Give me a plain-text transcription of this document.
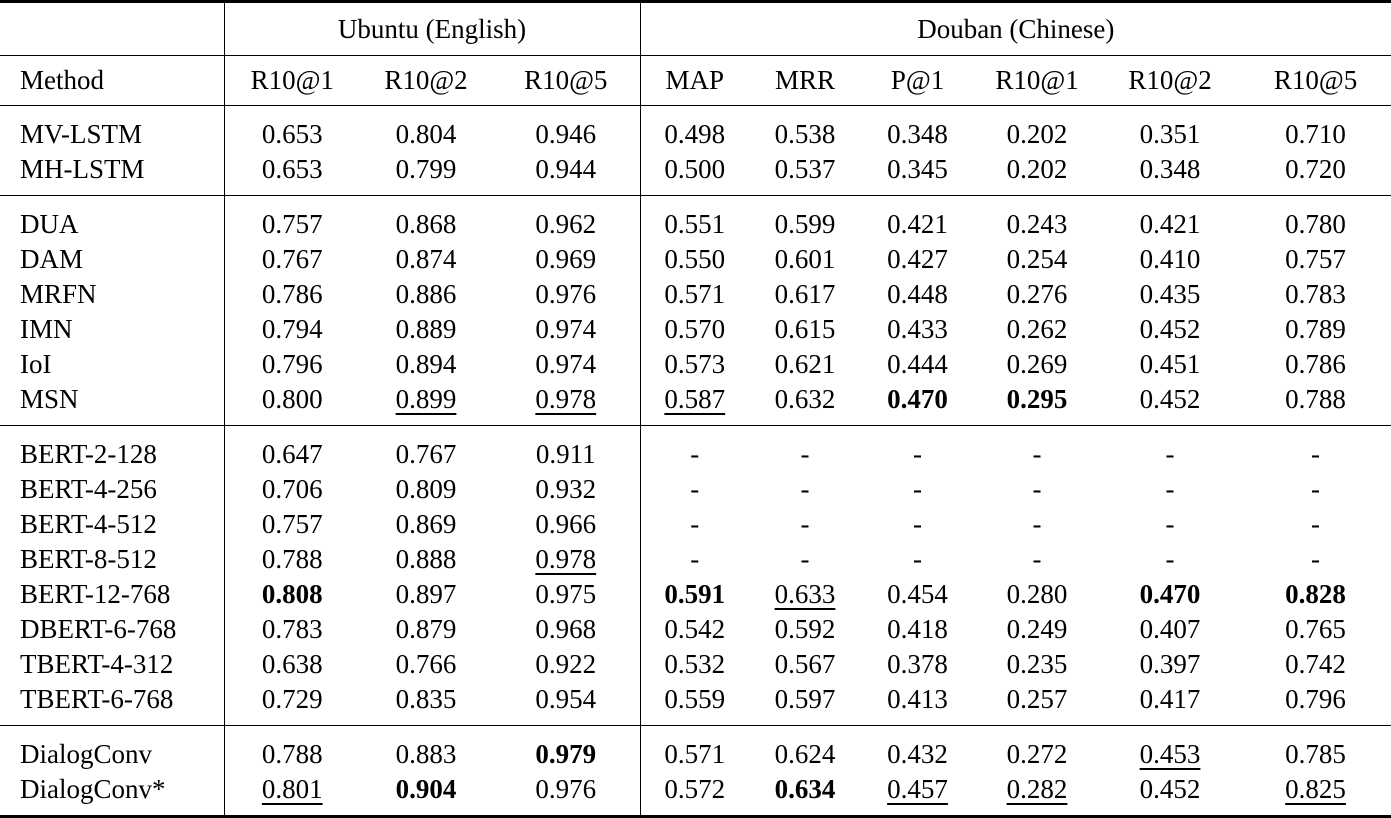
	Ubuntu (English)			Douban (Chinese)					
Method	R10@1	R10@2	R10@5	MAP	MRR	P@1	R10@1	R10@2	R10@5
MV-LSTM	0.653	0.804	0.946	0.498	0.538	0.348	0.202	0.351	0.710
MH-LSTM	0.653	0.799	0.944	0.500	0.537	0.345	0.202	0.348	0.720
DUA	0.757	0.868	0.962	0.551	0.599	0.421	0.243	0.421	0.780
DAM	0.767	0.874	0.969	0.550	0.601	0.427	0.254	0.410	0.757
MRFN	0.786	0.886	0.976	0.571	0.617	0.448	0.276	0.435	0.783
IMN	0.794	0.889	0.974	0.570	0.615	0.433	0.262	0.452	0.789
IoI	0.796	0.894	0.974	0.573	0.621	0.444	0.269	0.451	0.786
MSN	0.800	0.899	0.978	0.587	0.632	0.470	0.295	0.452	0.788
BERT-2-128	0.647	0.767	0.911	-	-	-	-	-	-
BERT-4-256	0.706	0.809	0.932	-	-	-	-	-	-
BERT-4-512	0.757	0.869	0.966	-	-	-	-	-	-
BERT-8-512	0.788	0.888	0.978	-	-	-	-	-	-
BERT-12-768	0.808	0.897	0.975	0.591	0.633	0.454	0.280	0.470	0.828
DBERT-6-768	0.783	0.879	0.968	0.542	0.592	0.418	0.249	0.407	0.765
TBERT-4-312	0.638	0.766	0.922	0.532	0.567	0.378	0.235	0.397	0.742
TBERT-6-768	0.729	0.835	0.954	0.559	0.597	0.413	0.257	0.417	0.796
DialogConv	0.788	0.883	0.979	0.571	0.624	0.432	0.272	0.453	0.785
DialogConv*	0.801	0.904	0.976	0.572	0.634	0.457	0.282	0.452	0.825
